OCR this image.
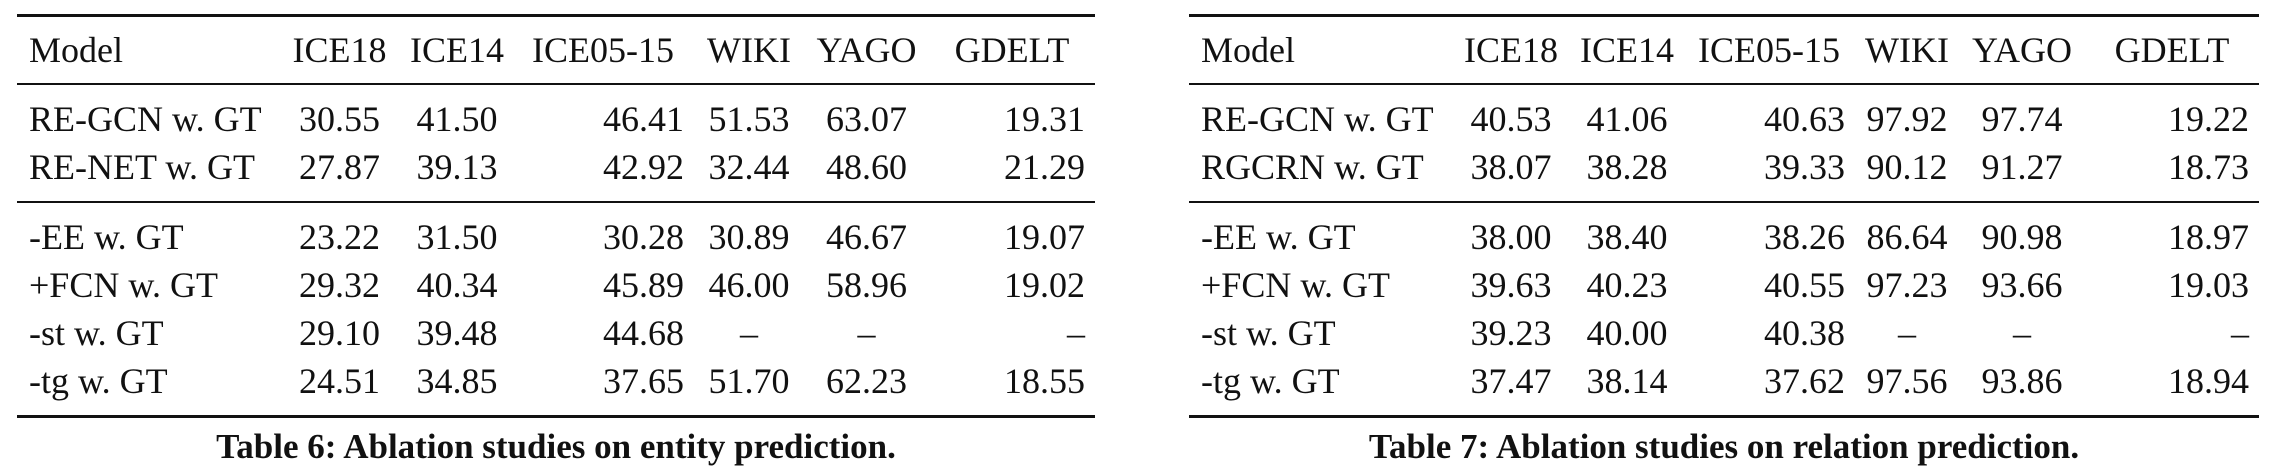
Model	ICE18	ICE14	ICE05-15	WIKI	YAGO	GDELT
RE-GCN w. GT	30.55	41.50	46.41	51.53	63.07	19.31
RE-NET w. GT	27.87	39.13	42.92	32.44	48.60	21.29
-EE w. GT	23.22	31.50	30.28	30.89	46.67	19.07
+FCN w. GT	29.32	40.34	45.89	46.00	58.96	19.02
-st w. GT	29.10	39.48	44.68	–	–	–
-tg w. GT	24.51	34.85	37.65	51.70	62.23	18.55
Table 6: Ablation studies on entity prediction.
Model	ICE18	ICE14	ICE05-15	WIKI	YAGO	GDELT
RE-GCN w. GT	40.53	41.06	40.63	97.92	97.74	19.22
RGCRN w. GT	38.07	38.28	39.33	90.12	91.27	18.73
-EE w. GT	38.00	38.40	38.26	86.64	90.98	18.97
+FCN w. GT	39.63	40.23	40.55	97.23	93.66	19.03
-st w. GT	39.23	40.00	40.38	–	–	–
-tg w. GT	37.47	38.14	37.62	97.56	93.86	18.94
Table 7: Ablation studies on relation prediction.
